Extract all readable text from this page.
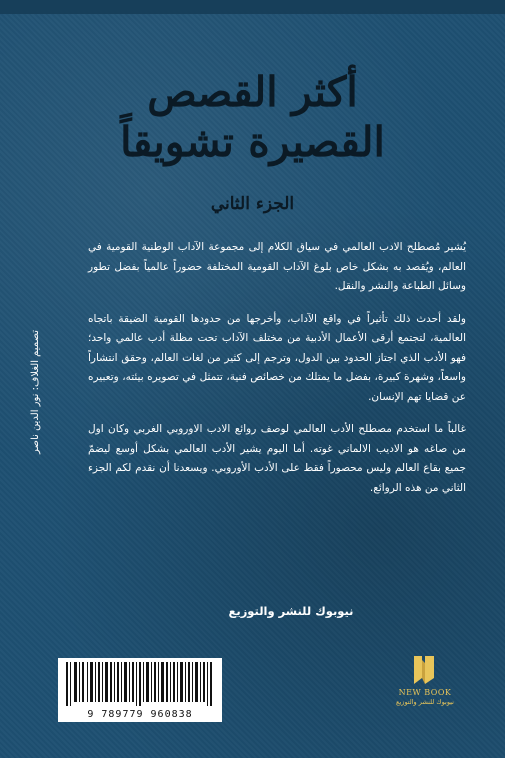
أكثر القصص
القصيرة تشويقاً
الجزء الثاني

يُشير مُصطلح الادب العالمي في سياق الكلام إلى مجموعة الآداب الوطنية القومية في العالم، ويُقصد به بشكل خاص بلوغ الآداب القومية المختلفة حضوراً عالمياً بفضل تطور وسائل الطباعة والنشر والنقل.

ولقد أحدث ذلك تأثيراً في واقع الآداب، وأخرجها من حدودها القومية الضيقة باتجاه العالمية، لتجتمع أرقى الأعمال الأدبية من مختلف الآداب تحت مظلة أدب عالمي واحد؛ فهو الأدب الذي اجتاز الحدود بين الدول، وترجم إلى كثير من لغات العالم، وحقق انتشاراً واسعاً، وشهرة كبيرة، بفضل ما يمتلك من خصائص فنية، تتمثل في تصويره بيئته، وتعبيره عن قضايا تهم الإنسان.

غالباً ما استخدم مصطلح الأدب العالمي لوصف روائع الادب الاوروبي الغربي وكان اول من صاغه هو الاديب الالماني غوته. أما اليوم يشير الأدب العالمي بشكل أوسع ليضمّ جميع بقاع العالم وليس محصوراً فقط على الأدب الأوروبي. ويسعدنا أن نقدم لكم الجزء الثاني من هذه الروائع.

تصميم الغلاف: نور الدين ناصر
نيوبوك للنشر والتوزيع
9 789779 960838
NEW BOOK
نيوبوك للنشر والتوزيع
